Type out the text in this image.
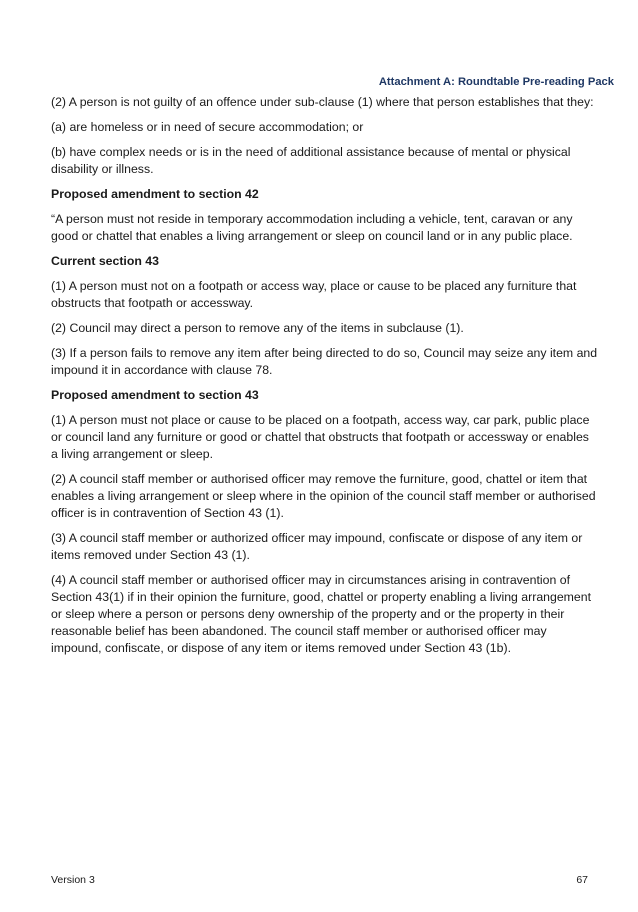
Attachment A: Roundtable Pre-reading Pack

(2) A person is not guilty of an offence under sub-clause (1) where that person establishes that they:

(a) are homeless or in need of secure accommodation; or

(b) have complex needs or is in the need of additional assistance because of mental or physical disability or illness.

Proposed amendment to section 42

“A person must not reside in temporary accommodation including a vehicle, tent, caravan or any good or chattel that enables a living arrangement or sleep on council land or in any public place.

Current section 43

(1) A person must not on a footpath or access way, place or cause to be placed any furniture that obstructs that footpath or accessway.

(2) Council may direct a person to remove any of the items in subclause (1).

(3) If a person fails to remove any item after being directed to do so, Council may seize any item and impound it in accordance with clause 78.

Proposed amendment to section 43

(1) A person must not place or cause to be placed on a footpath, access way, car park, public place or council land any furniture or good or chattel that obstructs that footpath or accessway or enables a living arrangement or sleep.

(2) A council staff member or authorised officer may remove the furniture, good, chattel or item that enables a living arrangement or sleep where in the opinion of the council staff member or authorised officer is in contravention of Section 43 (1).

(3) A council staff member or authorized officer may impound, confiscate or dispose of any item or items removed under Section 43 (1).

(4) A council staff member or authorised officer may in circumstances arising in contravention of Section 43(1) if in their opinion the furniture, good, chattel or property enabling a living arrangement or sleep where a person or persons deny ownership of the property and or the property in their reasonable belief has been abandoned. The council staff member or authorised officer may impound, confiscate, or dispose of any item or items removed under Section 43 (1b).

Version 3	67
